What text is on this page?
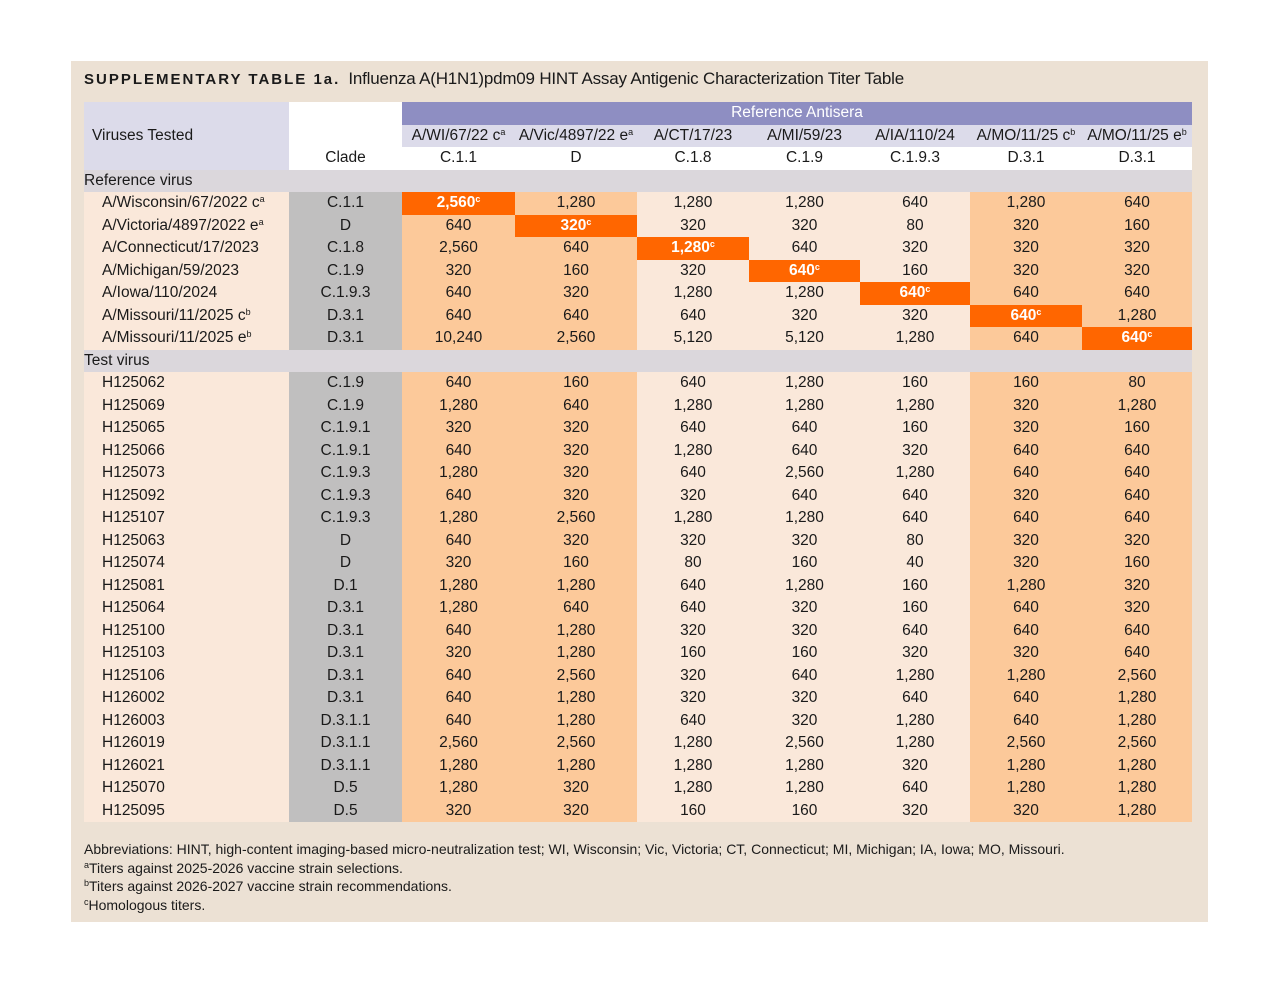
SUPPLEMENTARY TABLE 1a. Influenza A(H1N1)pdm09 HINT Assay Antigenic Characterization Titer Table
Viruses Tested		Reference Antisera						
		A/WI/67/22 $c^a$	A/Vic/4897/22 $e^a$	A/CT/17/23	A/MI/59/23	A/IA/110/24	A/MO/11/25 $c^b$	A/MO/11/25 $e^b$
	Clade	C.1.1	D	C.1.8	C.1.9	C.1.9.3	D.3.1	D.3.1
Reference virus								
A/Wisconsin/67/2022 $c^a$	C.1.1	2,560$^c$	1,280	1,280	1,280	640	1,280	640
A/Victoria/4897/2022 $e^a$	D	640	320$^c$	320	320	80	320	160
A/Connecticut/17/2023	C.1.8	2,560	640	1,280$^c$	640	320	320	320
A/Michigan/59/2023	C.1.9	320	160	320	640$^c$	160	320	320
A/Iowa/110/2024	C.1.9.3	640	320	1,280	1,280	640$^c$	640	640
A/Missouri/11/2025 $c^b$	D.3.1	640	640	640	320	320	640$^c$	1,280
A/Missouri/11/2025 $e^b$	D.3.1	10,240	2,560	5,120	5,120	1,280	640	640$^c$
Test virus								
H125062	C.1.9	640	160	640	1,280	160	160	80
H125069	C.1.9	1,280	640	1,280	1,280	1,280	320	1,280
H125065	C.1.9.1	320	320	640	640	160	320	160
H125066	C.1.9.1	640	320	1,280	640	320	640	640
H125073	C.1.9.3	1,280	320	640	2,560	1,280	640	640
H125092	C.1.9.3	640	320	320	640	640	320	640
H125107	C.1.9.3	1,280	2,560	1,280	1,280	640	640	640
H125063	D	640	320	320	320	80	320	320
H125074	D	320	160	80	160	40	320	160
H125081	D.1	1,280	1,280	640	1,280	160	1,280	320
H125064	D.3.1	1,280	640	640	320	160	640	320
H125100	D.3.1	640	1,280	320	320	640	640	640
H125103	D.3.1	320	1,280	160	160	320	320	640
H125106	D.3.1	640	2,560	320	640	1,280	1,280	2,560
H126002	D.3.1	640	1,280	320	320	640	640	1,280
H126003	D.3.1.1	640	1,280	640	320	1,280	640	1,280
H126019	D.3.1.1	2,560	2,560	1,280	2,560	1,280	2,560	2,560
H126021	D.3.1.1	1,280	1,280	1,280	1,280	320	1,280	1,280
H125070	D.5	1,280	320	1,280	1,280	640	1,280	1,280
H125095	D.5	320	320	160	160	320	320	1,280
Abbreviations: HINT, high-content imaging-based micro-neutralization test; WI, Wisconsin; Vic, Victoria; CT, Connecticut; MI, Michigan; IA, Iowa; MO, Missouri.
$^a$Titers against 2025-2026 vaccine strain selections.
$^b$Titers against 2026-2027 vaccine strain recommendations.
$^c$Homologous titers.
